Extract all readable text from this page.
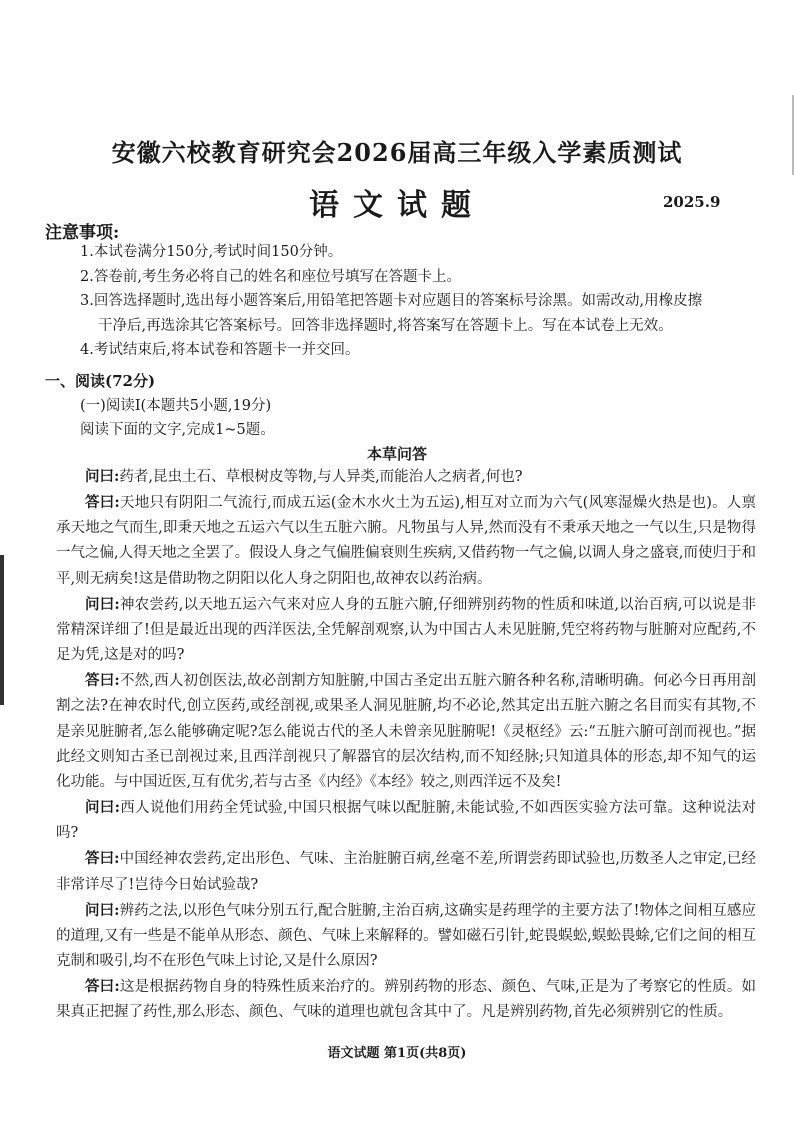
安徽六校教育研究会2026届高三年级入学素质测试
语文试题	2025.9
注意事项:

1.本试卷满分150分,考试时间150分钟。

2.答卷前,考生务必将自己的姓名和座位号填写在答题卡上。

3.回答选择题时,选出每小题答案后,用铅笔把答题卡对应题目的答案标号涂黑。如需改动,用橡皮擦

干净后,再选涂其它答案标号。回答非选择题时,将答案写在答题卡上。写在本试卷上无效。

4.考试结束后,将本试卷和答题卡一并交回。

一、阅读(72分)
(一)阅读Ⅰ(本题共5小题,19分)
阅读下面的文字,完成1~5题。
本草问答

问曰:药者,昆虫土石、草根树皮等物,与人异类,而能治人之病者,何也?

答曰:天地只有阴阳二气流行,而成五运(金木水火土为五运),相互对立而为六气(风寒湿燥火热是也)。人禀承天地之气而生,即秉天地之五运六气以生五脏六腑。凡物虽与人异,然而没有不秉承天地之一气以生,只是物得一气之偏,人得天地之全罢了。假设人身之气偏胜偏衰则生疾病,又借药物一气之偏,以调人身之盛衰,而使归于和平,则无病矣!这是借助物之阴阳以化人身之阴阳也,故神农以药治病。

问曰:神农尝药,以天地五运六气来对应人身的五脏六腑,仔细辨别药物的性质和味道,以治百病,可以说是非常精深详细了!但是最近出现的西洋医法,全凭解剖观察,认为中国古人未见脏腑,凭空将药物与脏腑对应配药,不足为凭,这是对的吗?

答曰:不然,西人初创医法,故必剖割方知脏腑,中国古圣定出五脏六腑各种名称,清晰明确。何必今日再用剖割之法?在神农时代,创立医药,或经剖视,或果圣人洞见脏腑,均不必论,然其定出五脏六腑之名目而实有其物,不是亲见脏腑者,怎么能够确定呢?怎么能说古代的圣人未曾亲见脏腑呢!《灵枢经》云:“五脏六腑可剖而视也。”据此经文则知古圣已剖视过来,且西洋剖视只了解器官的层次结构,而不知经脉;只知道具体的形态,却不知气的运化功能。与中国近医,互有优劣,若与古圣《内经》《本经》较之,则西洋远不及矣!

问曰:西人说他们用药全凭试验,中国只根据气味以配脏腑,未能试验,不如西医实验方法可靠。这种说法对吗?

答曰:中国经神农尝药,定出形色、气味、主治脏腑百病,丝毫不差,所谓尝药即试验也,历数圣人之审定,已经非常详尽了!岂待今日始试验哉?

问曰:辨药之法,以形色气味分别五行,配合脏腑,主治百病,这确实是药理学的主要方法了!物体之间相互感应的道理,又有一些是不能单从形态、颜色、气味上来解释的。譬如磁石引针,蛇畏蜈蚣,蜈蚣畏蜍,它们之间的相互克制和吸引,均不在形色气味上讨论,又是什么原因?

答曰:这是根据药物自身的特殊性质来治疗的。辨别药物的形态、颜色、气味,正是为了考察它的性质。如果真正把握了药性,那么形态、颜色、气味的道理也就包含其中了。凡是辨别药物,首先必须辨别它的性质。

语文试题 第1页(共8页)
